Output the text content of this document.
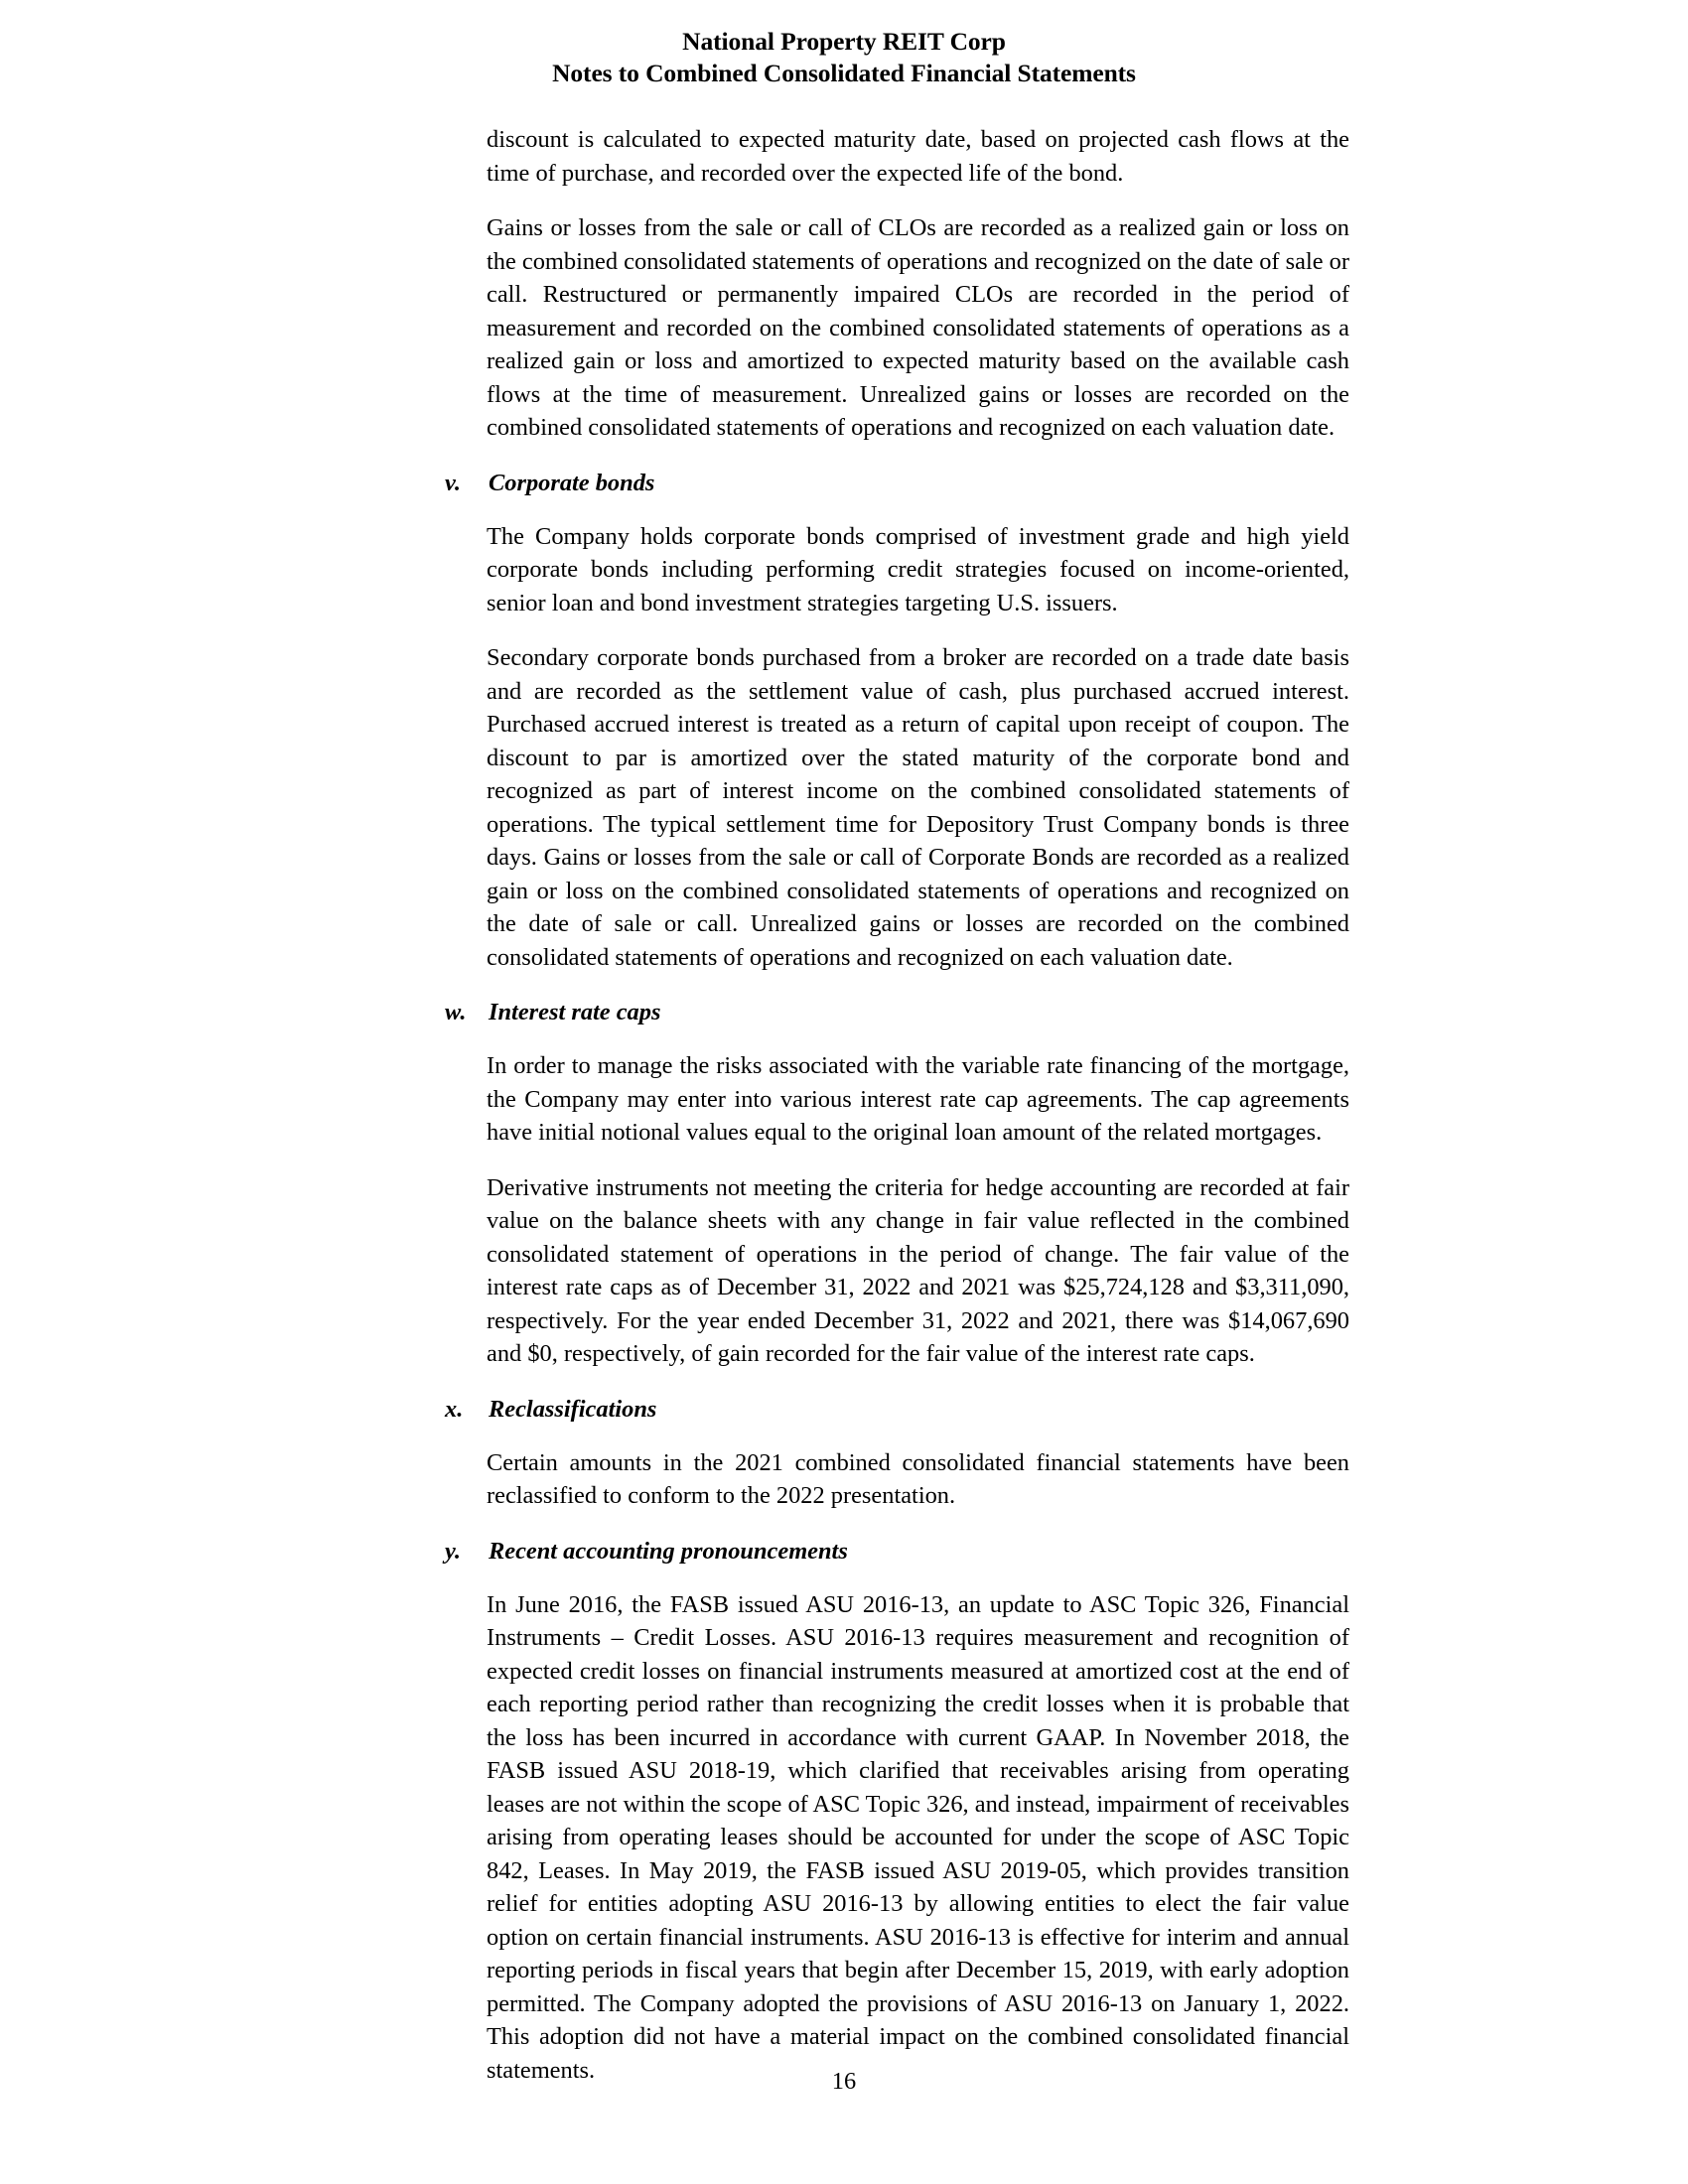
National Property REIT Corp
Notes to Combined Consolidated Financial Statements

discount is calculated to expected maturity date, based on projected cash flows at the time of purchase, and recorded over the expected life of the bond.

Gains or losses from the sale or call of CLOs are recorded as a realized gain or loss on the combined consolidated statements of operations and recognized on the date of sale or call. Restructured or permanently impaired CLOs are recorded in the period of measurement and recorded on the combined consolidated statements of operations as a realized gain or loss and amortized to expected maturity based on the available cash flows at the time of measurement. Unrealized gains or losses are recorded on the combined consolidated statements of operations and recognized on each valuation date.

v. Corporate bonds

The Company holds corporate bonds comprised of investment grade and high yield corporate bonds including performing credit strategies focused on income-oriented, senior loan and bond investment strategies targeting U.S. issuers.

Secondary corporate bonds purchased from a broker are recorded on a trade date basis and are recorded as the settlement value of cash, plus purchased accrued interest. Purchased accrued interest is treated as a return of capital upon receipt of coupon. The discount to par is amortized over the stated maturity of the corporate bond and recognized as part of interest income on the combined consolidated statements of operations. The typical settlement time for Depository Trust Company bonds is three days. Gains or losses from the sale or call of Corporate Bonds are recorded as a realized gain or loss on the combined consolidated statements of operations and recognized on the date of sale or call. Unrealized gains or losses are recorded on the combined consolidated statements of operations and recognized on each valuation date.

w. Interest rate caps

In order to manage the risks associated with the variable rate financing of the mortgage, the Company may enter into various interest rate cap agreements. The cap agreements have initial notional values equal to the original loan amount of the related mortgages.

Derivative instruments not meeting the criteria for hedge accounting are recorded at fair value on the balance sheets with any change in fair value reflected in the combined consolidated statement of operations in the period of change. The fair value of the interest rate caps as of December 31, 2022 and 2021 was $25,724,128 and $3,311,090, respectively. For the year ended December 31, 2022 and 2021, there was $14,067,690 and $0, respectively, of gain recorded for the fair value of the interest rate caps.

x. Reclassifications

Certain amounts in the 2021 combined consolidated financial statements have been reclassified to conform to the 2022 presentation.

y. Recent accounting pronouncements

In June 2016, the FASB issued ASU 2016-13, an update to ASC Topic 326, Financial Instruments – Credit Losses. ASU 2016-13 requires measurement and recognition of expected credit losses on financial instruments measured at amortized cost at the end of each reporting period rather than recognizing the credit losses when it is probable that the loss has been incurred in accordance with current GAAP. In November 2018, the FASB issued ASU 2018-19, which clarified that receivables arising from operating leases are not within the scope of ASC Topic 326, and instead, impairment of receivables arising from operating leases should be accounted for under the scope of ASC Topic 842, Leases. In May 2019, the FASB issued ASU 2019-05, which provides transition relief for entities adopting ASU 2016-13 by allowing entities to elect the fair value option on certain financial instruments. ASU 2016-13 is effective for interim and annual reporting periods in fiscal years that begin after December 15, 2019, with early adoption permitted. The Company adopted the provisions of ASU 2016-13 on January 1, 2022. This adoption did not have a material impact on the combined consolidated financial statements.	16
